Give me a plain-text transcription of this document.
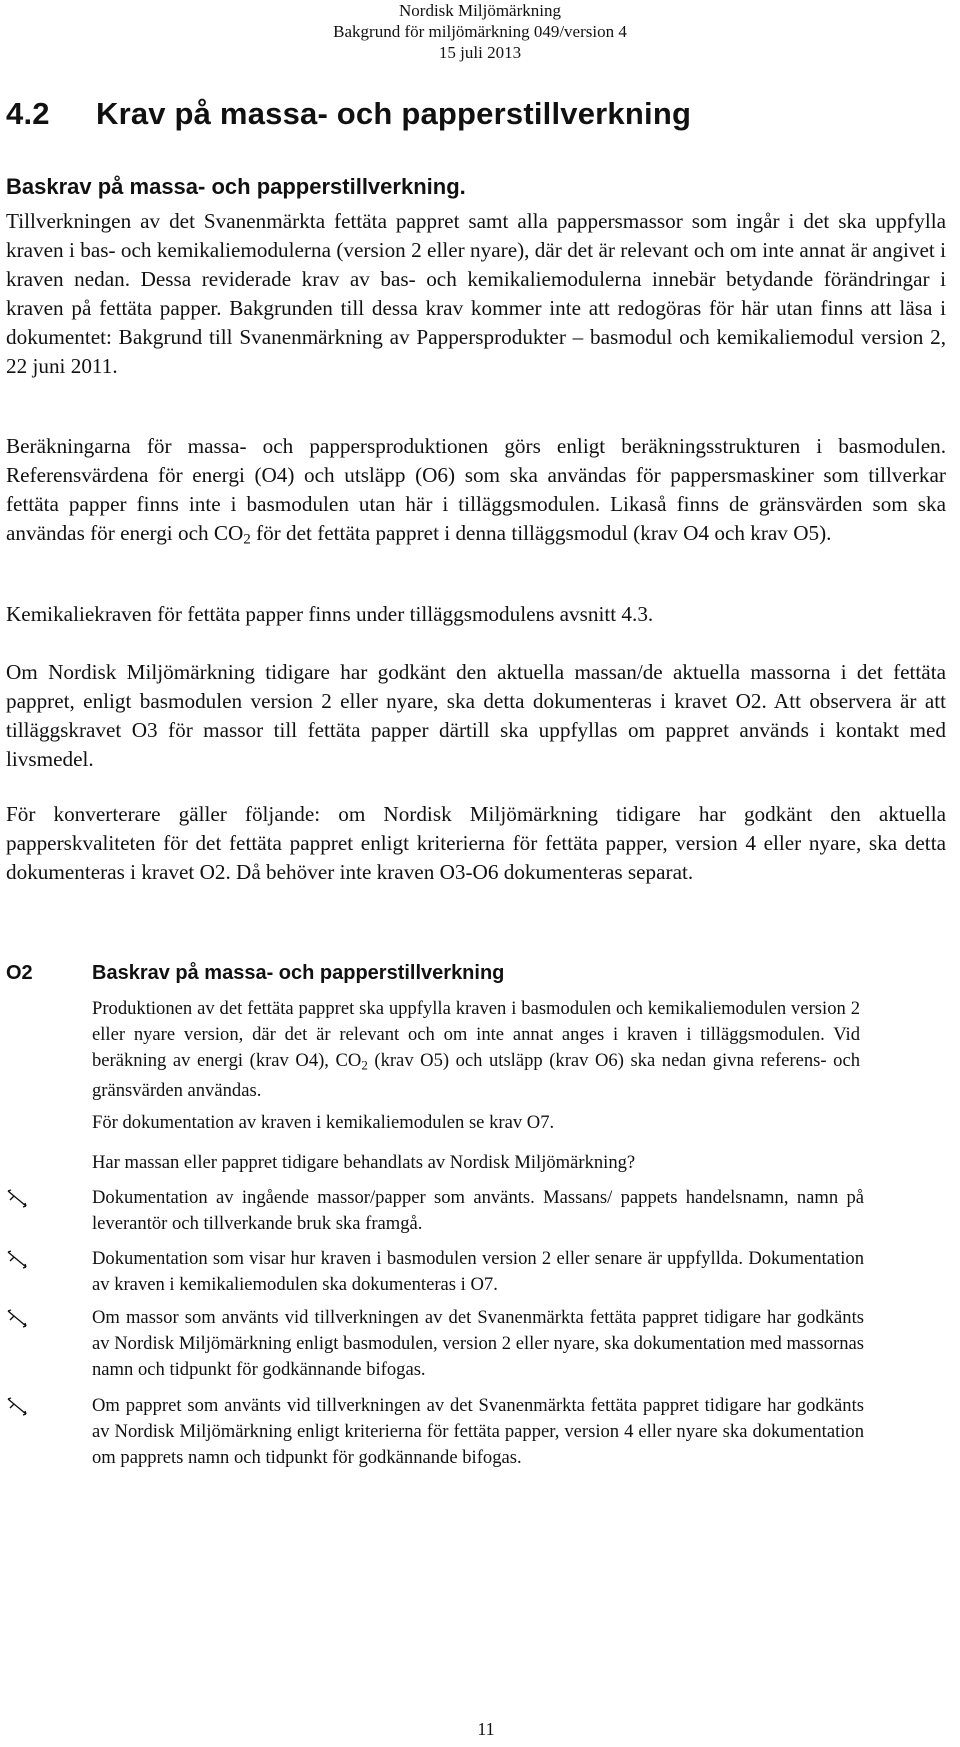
Nordisk Miljömärkning
Bakgrund för miljömärkning 049/version 4
15 juli 2013
4.2 Krav på massa- och papperstillverkning
Baskrav på massa- och papperstillverkning.

Tillverkningen av det Svanenmärkta fettäta pappret samt alla pappersmassor som ingår i det ska uppfylla kraven i bas- och kemikaliemodulerna (version 2 eller nyare), där det är relevant och om inte annat är angivet i kraven nedan. Dessa reviderade krav av bas- och kemikaliemodulerna innebär betydande förändringar i kraven på fettäta papper. Bakgrunden till dessa krav kommer inte att redogöras för här utan finns att läsa i dokumentet: Bakgrund till Svanenmärkning av Pappersprodukter – basmodul och kemikaliemodul version 2, 22 juni 2011.

Beräkningarna för massa- och pappersproduktionen görs enligt beräkningsstrukturen i basmodulen. Referensvärdena för energi (O4) och utsläpp (O6) som ska användas för pappersmaskiner som tillverkar fettäta papper finns inte i basmodulen utan här i tilläggsmodulen. Likaså finns de gränsvärden som ska användas för energi och $CO_2$ för det fettäta pappret i denna tilläggsmodul (krav O4 och krav O5).

Kemikaliekraven för fettäta papper finns under tilläggsmodulens avsnitt 4.3.

Om Nordisk Miljömärkning tidigare har godkänt den aktuella massan/de aktuella massorna i det fettäta pappret, enligt basmodulen version 2 eller nyare, ska detta dokumenteras i kravet O2. Att observera är att tilläggskravet O3 för massor till fettäta papper därtill ska uppfyllas om pappret används i kontakt med livsmedel.

För konverterare gäller följande: om Nordisk Miljömärkning tidigare har godkänt den aktuella papperskvaliteten för det fettäta pappret enligt kriterierna för fettäta papper, version 4 eller nyare, ska detta dokumenteras i kravet O2. Då behöver inte kraven O3-O6 dokumenteras separat.

O2	Baskrav på massa- och papperstillverkning
Produktionen av det fettäta pappret ska uppfylla kraven i basmodulen och kemikaliemodulen version 2 eller nyare version, där det är relevant och om inte annat anges i kraven i tilläggsmodulen. Vid beräkning av energi (krav O4), $CO_2$ (krav O5) och utsläpp (krav O6) ska nedan givna referens- och gränsvärden användas.
För dokumentation av kraven i kemikaliemodulen se krav O7.
Har massan eller pappret tidigare behandlats av Nordisk Miljömärkning?
Dokumentation av ingående massor/papper som använts. Massans/ pappets handelsnamn, namn på leverantör och tillverkande bruk ska framgå.
Dokumentation som visar hur kraven i basmodulen version 2 eller senare är uppfyllda. Dokumentation av kraven i kemikaliemodulen ska dokumenteras i O7.
Om massor som använts vid tillverkningen av det Svanenmärkta fettäta pappret tidigare har godkänts av Nordisk Miljömärkning enligt basmodulen, version 2 eller nyare, ska dokumentation med massornas namn och tidpunkt för godkännande bifogas.
Om pappret som använts vid tillverkningen av det Svanenmärkta fettäta pappret tidigare har godkänts av Nordisk Miljömärkning enligt kriterierna för fettäta papper, version 4 eller nyare ska dokumentation om papprets namn och tidpunkt för godkännande bifogas.
11
